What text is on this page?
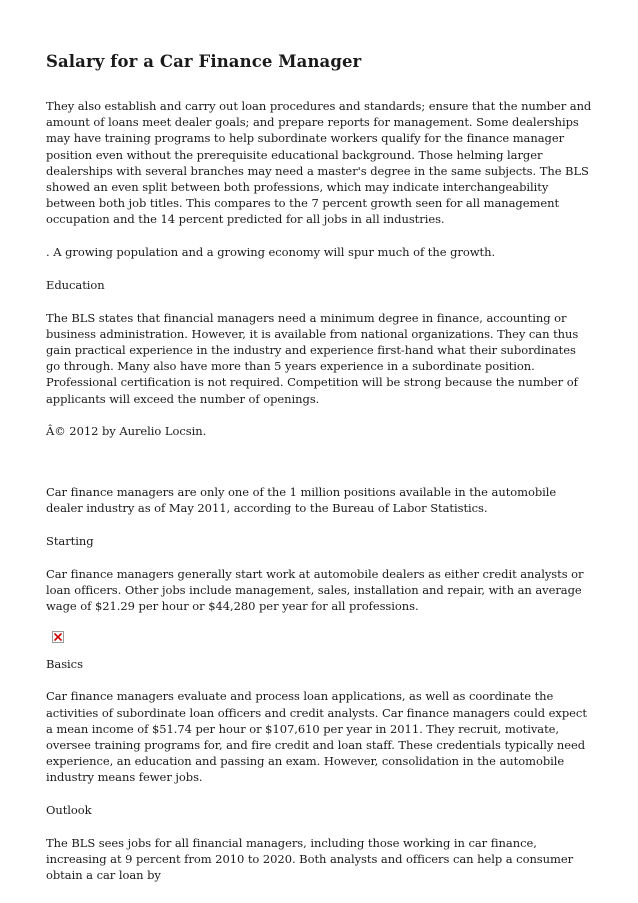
Salary for a Car Finance Manager

They also establish and carry out loan procedures and standards; ensure that the number and amount of loans meet dealer goals; and prepare reports for management. Some dealerships may have training programs to help subordinate workers qualify for the finance manager position even without the prerequisite educational background. Those helming larger dealerships with several branches may need a master's degree in the same subjects. The BLS showed an even split between both professions, which may indicate interchangeability between both job titles. This compares to the 7 percent growth seen for all management occupation and the 14 percent predicted for all jobs in all industries.

. A growing population and a growing economy will spur much of the growth.

Education

The BLS states that financial managers need a minimum degree in finance, accounting or business administration. However, it is available from national organizations. They can thus gain practical experience in the industry and experience first-hand what their subordinates go through. Many also have more than 5 years experience in a subordinate position. Professional certification is not required. Competition will be strong because the number of applicants will exceed the number of openings.

Â© 2012 by Aurelio Locsin.

Car finance managers are only one of the 1 million positions available in the automobile dealer industry as of May 2011, according to the Bureau of Labor Statistics.

Starting

Car finance managers generally start work at automobile dealers as either credit analysts or loan officers. Other jobs include management, sales, installation and repair, with an average wage of $21.29 per hour or $44,280 per year for all professions.

Basics

Car finance managers evaluate and process loan applications, as well as coordinate the activities of subordinate loan officers and credit analysts. Car finance managers could expect a mean income of $51.74 per hour or $107,610 per year in 2011. They recruit, motivate, oversee training programs for, and fire credit and loan staff. These credentials typically need experience, an education and passing an exam. However, consolidation in the automobile industry means fewer jobs.

Outlook

The BLS sees jobs for all financial managers, including those working in car finance, increasing at 9 percent from 2010 to 2020. Both analysts and officers can help a consumer obtain a car loan by
